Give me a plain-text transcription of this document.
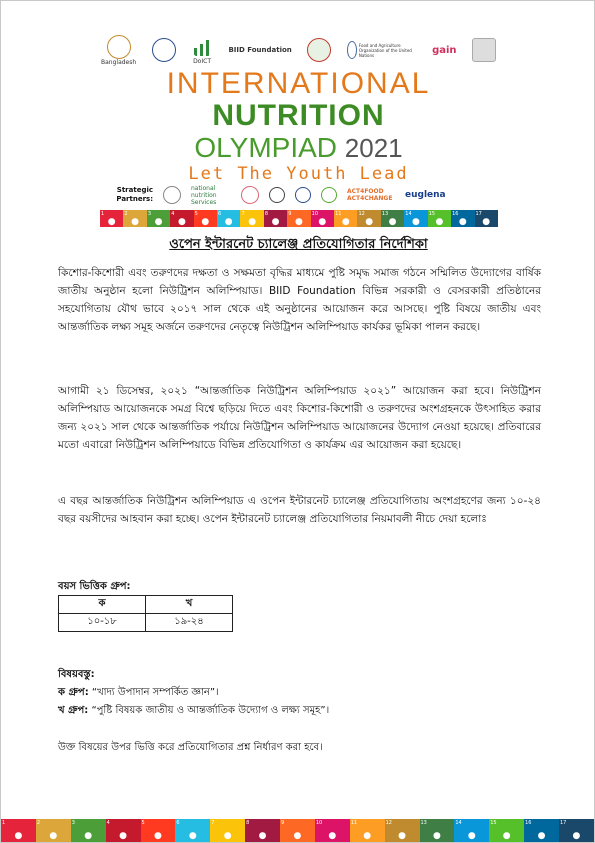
Bangladesh	DoICT
BIID Foundation
Food and Agriculture Organization of the United Nations	gain
INTERNATIONAL
NUTRITION
OLYMPIAD 2021
Let The Youth Lead
Strategic Partners:
national nutrition Services
ACT4FOOD ACT4CHANGE euglena
1
●
2
●
3
●
4
●
5
●
6
●
7
●
8
●
9
●
10
●
11
●
12
●
13
●
14
●
15
●
16
●
17
●
ওপেন ইন্টারনেট চ্যালেঞ্জ প্রতিযোগিতার নির্দেশিকা
কিশোর-কিশোরী এবং তরুণদের দক্ষতা ও সক্ষমতা বৃদ্ধির মাধ্যমে পুষ্টি সমৃদ্ধ সমাজ গঠনে সম্মিলিত উদ্যোগের বার্ষিক জাতীয় অনুষ্ঠান হলো নিউট্রিশন অলিম্পিয়াড। BIID Foundation বিভিন্ন সরকারী ও বেসরকারী প্রতিষ্ঠানের সহযোগিতায় যৌথ ভাবে ২০১৭ সাল থেকে এই অনুষ্ঠানের আয়োজন করে আসছে। পুষ্টি বিষয়ে জাতীয় এবং আন্তর্জাতিক লক্ষ্য সমূহ অর্জনে তরুণদের নেতৃত্বে নিউট্রিশন অলিম্পিয়াড কার্যকর ভূমিকা পালন করছে।
আগামী ২১ ডিসেম্বর, ২০২১ “আন্তর্জাতিক নিউট্রিশন অলিম্পিয়াড ২০২১” আয়োজন করা হবে। নিউট্রিশন অলিম্পিয়াড আয়োজনকে সমগ্র বিশ্বে ছড়িয়ে দিতে এবং কিশোর-কিশোরী ও তরুণদের অংশগ্রহনকে উৎসাহিত করার জন্য ২০২১ সাল থেকে আন্তর্জাতিক পর্যায়ে নিউট্রিশন অলিম্পিয়াড আয়োজনের উদ্যোগ নেওয়া হয়েছে। প্রতিবারের মতো এবারো নিউট্রিশন অলিম্পিয়াডে বিভিন্ন প্রতিযোগিতা ও কার্যক্রম এর আয়োজন করা হয়েছে।
এ বছর আন্তর্জাতিক নিউট্রিশন অলিম্পিয়াড এ ওপেন ইন্টারনেট চ্যালেঞ্জ প্রতিযোগিতায় অংশগ্রহণের জন্য ১০-২৪ বছর বয়সীদের আহবান করা হচ্ছে। ওপেন ইন্টারনেট চ্যালেঞ্জ প্রতিযোগিতার নিয়মাবলী নীচে দেয়া হলোঃ
বয়স ভিত্তিক গ্রুপ:
ক	খ
১০-১৮	১৯-২৪
বিষয়বস্তু:
ক গ্রুপ: “খাদ্য উপাদান সম্পর্কিত জ্ঞান”।
খ গ্রুপ: “পুষ্টি বিষয়ক জাতীয় ও আন্তর্জাতিক উদ্যোগ ও লক্ষ্য সমূহ”।
উক্ত বিষয়ের উপর ভিত্তি করে প্রতিযোগিতার প্রশ্ন নির্ধারণ করা হবে।
1
●
2
●
3
●
4
●
5
●
6
●
7
●
8
●
9
●
10
●
11
●
12
●
13
●
14
●
15
●
16
●
17
●
